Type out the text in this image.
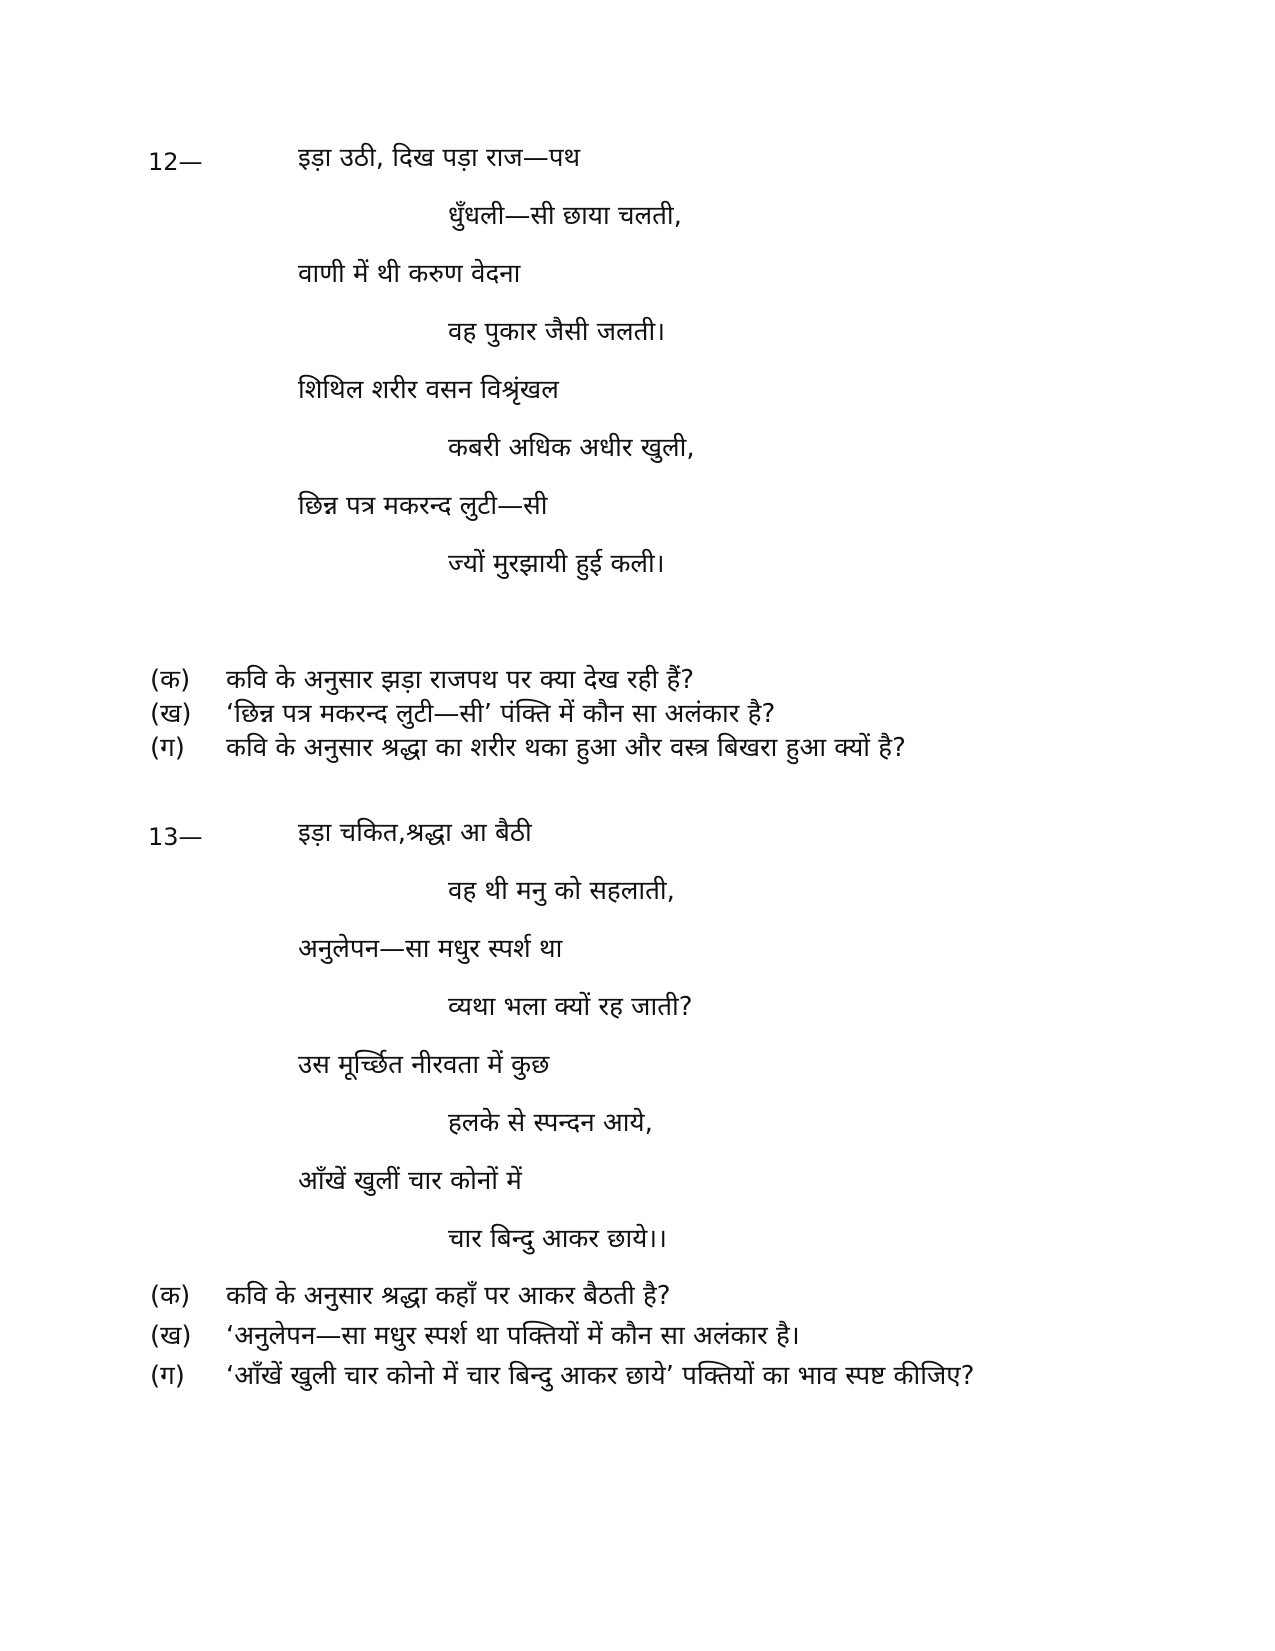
12—	इड़ा उठी, दिख पड़ा राज—पथ
धुँधली—सी छाया चलती,
वाणी में थी करुण वेदना
वह पुकार जैसी जलती।
शिथिल शरीर वसन विश्रृंखल
कबरी अधिक अधीर खुली,
छिन्न पत्र मकरन्द लुटी—सी
ज्यों मुरझायी हुई कली।
(क) कवि के अनुसार झड़ा राजपथ पर क्या देख रही हैं?
(ख) ‘छिन्न पत्र मकरन्द लुटी—सी’ पंक्ति में कौन सा अलंकार है?
(ग) कवि के अनुसार श्रद्धा का शरीर थका हुआ और वस्त्र बिखरा हुआ क्यों है?
13—	इड़ा चकित,श्रद्धा आ बैठी
वह थी मनु को सहलाती,
अनुलेपन—सा मधुर स्पर्श था
व्यथा भला क्यों रह जाती?
उस मूर्च्छित नीरवता में कुछ
हलके से स्पन्दन आये,
आँखें खुलीं चार कोनों में
चार बिन्दु आकर छाये।।
(क) कवि के अनुसार श्रद्धा कहाँ पर आकर बैठती है?
(ख) ‘अनुलेपन—सा मधुर स्पर्श था पक्तियों में कौन सा अलंकार है।
(ग) ‘आँखें खुली चार कोनो में चार बिन्दु आकर छाये’ पक्तियों का भाव स्पष्ट कीजिए?
